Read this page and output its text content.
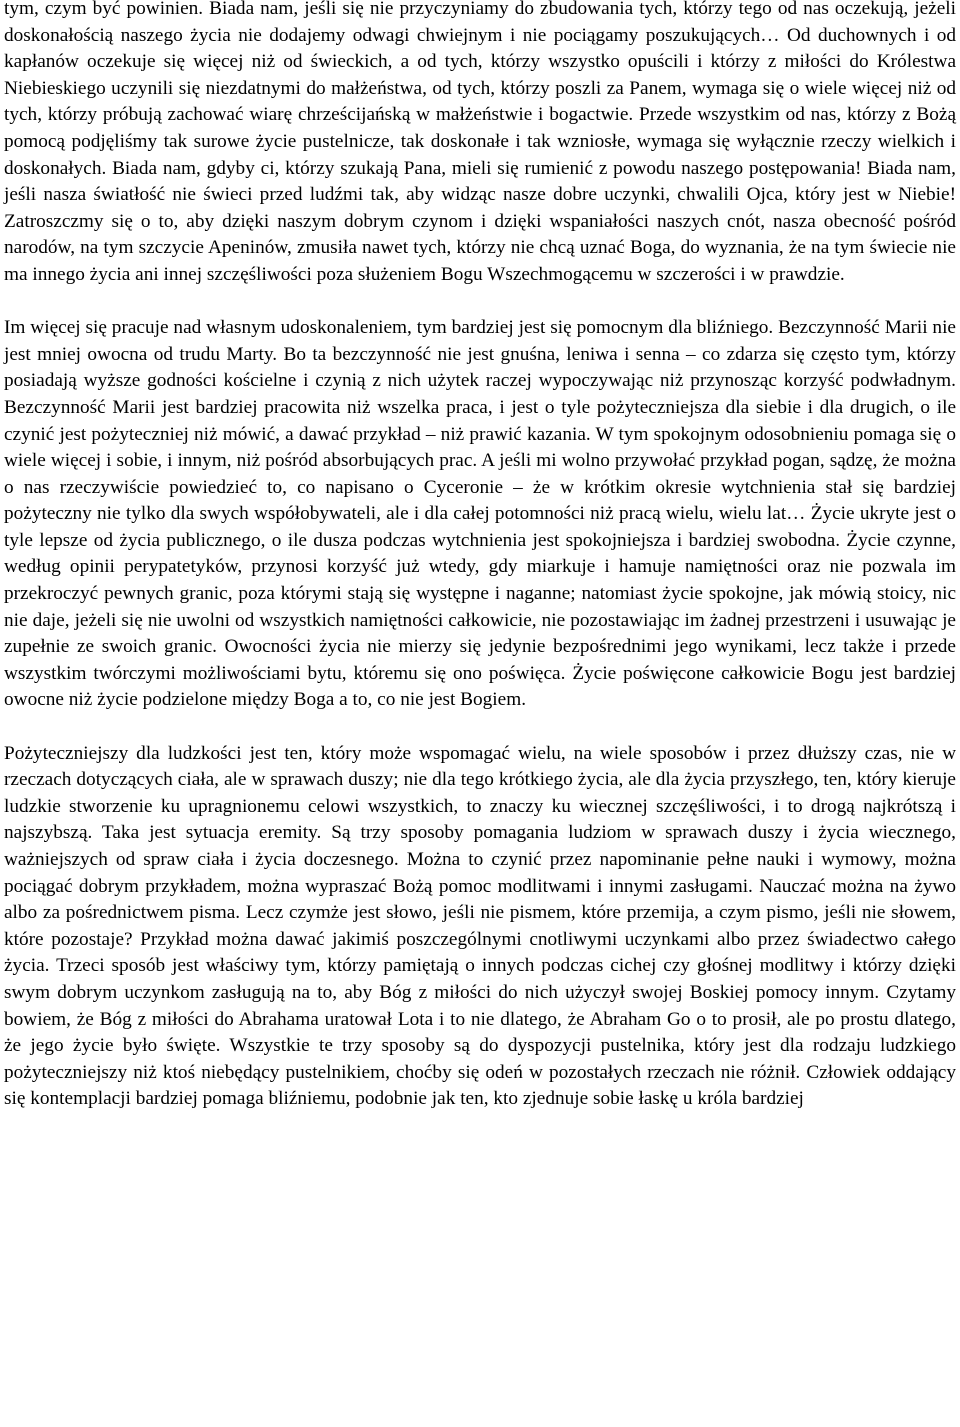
tym, czym być powinien. Biada nam, jeśli się nie przyczyniamy do zbudowania tych, którzy tego od nas oczekują, jeżeli doskonałością naszego życia nie dodajemy odwagi chwiejnym i nie pociągamy poszukujących… Od duchownych i od kapłanów oczekuje się więcej niż od świeckich, a od tych, którzy wszystko opuścili i którzy z miłości do Królestwa Niebieskiego uczynili się niezdatnymi do małżeństwa, od tych, którzy poszli za Panem, wymaga się o wiele więcej niż od tych, którzy próbują zachować wiarę chrześcijańską w małżeństwie i bogactwie. Przede wszystkim od nas, którzy z Bożą pomocą podjęliśmy tak surowe życie pustelnicze, tak doskonałe i tak wzniosłe, wymaga się wyłącznie rzeczy wielkich i doskonałych. Biada nam, gdyby ci, którzy szukają Pana, mieli się rumienić z powodu naszego postępowania! Biada nam, jeśli nasza światłość nie świeci przed ludźmi tak, aby widząc nasze dobre uczynki, chwalili Ojca, który jest w Niebie! Zatroszczmy się o to, aby dzięki naszym dobrym czynom i dzięki wspaniałości naszych cnót, nasza obecność pośród narodów, na tym szczycie Apeninów, zmusiła nawet tych, którzy nie chcą uznać Boga, do wyznania, że na tym świecie nie ma innego życia ani innej szczęśliwości poza służeniem Bogu Wszechmogącemu w szczerości i w prawdzie.

Im więcej się pracuje nad własnym udoskonaleniem, tym bardziej jest się pomocnym dla bliźniego. Bezczynność Marii nie jest mniej owocna od trudu Marty. Bo ta bezczynność nie jest gnuśna, leniwa i senna – co zdarza się często tym, którzy posiadają wyższe godności kościelne i czynią z nich użytek raczej wypoczywając niż przynosząc korzyść podwładnym. Bezczynność Marii jest bardziej pracowita niż wszelka praca, i jest o tyle pożyteczniejsza dla siebie i dla drugich, o ile czynić jest pożyteczniej niż mówić, a dawać przykład – niż prawić kazania. W tym spokojnym odosobnieniu pomaga się o wiele więcej i sobie, i innym, niż pośród absorbujących prac. A jeśli mi wolno przywołać przykład pogan, sądzę, że można o nas rzeczywiście powiedzieć to, co napisano o Cyceronie – że w krótkim okresie wytchnienia stał się bardziej pożyteczny nie tylko dla swych współobywateli, ale i dla całej potomności niż pracą wielu, wielu lat… Życie ukryte jest o tyle lepsze od życia publicznego, o ile dusza podczas wytchnienia jest spokojniejsza i bardziej swobodna. Życie czynne, według opinii perypatetyków, przynosi korzyść już wtedy, gdy miarkuje i hamuje namiętności oraz nie pozwala im przekroczyć pewnych granic, poza którymi stają się występne i naganne; natomiast życie spokojne, jak mówią stoicy, nic nie daje, jeżeli się nie uwolni od wszystkich namiętności całkowicie, nie pozostawiając im żadnej przestrzeni i usuwając je zupełnie ze swoich granic. Owocności życia nie mierzy się jedynie bezpośrednimi jego wynikami, lecz także i przede wszystkim twórczymi możliwościami bytu, któremu się ono poświęca. Życie poświęcone całkowicie Bogu jest bardziej owocne niż życie podzielone między Boga a to, co nie jest Bogiem.

Pożyteczniejszy dla ludzkości jest ten, który może wspomagać wielu, na wiele sposobów i przez dłuższy czas, nie w rzeczach dotyczących ciała, ale w sprawach duszy; nie dla tego krótkiego życia, ale dla życia przyszłego, ten, który kieruje ludzkie stworzenie ku upragnionemu celowi wszystkich, to znaczy ku wiecznej szczęśliwości, i to drogą najkrótszą i najszybszą. Taka jest sytuacja eremity. Są trzy sposoby pomagania ludziom w sprawach duszy i życia wiecznego, ważniejszych od spraw ciała i życia doczesnego. Można to czynić przez napominanie pełne nauki i wymowy, można pociągać dobrym przykładem, można wypraszać Bożą pomoc modlitwami i innymi zasługami. Nauczać można na żywo albo za pośrednictwem pisma. Lecz czymże jest słowo, jeśli nie pismem, które przemija, a czym pismo, jeśli nie słowem, które pozostaje? Przykład można dawać jakimiś poszczególnymi cnotliwymi uczynkami albo przez świadectwo całego życia. Trzeci sposób jest właściwy tym, którzy pamiętają o innych podczas cichej czy głośnej modlitwy i którzy dzięki swym dobrym uczynkom zasługują na to, aby Bóg z miłości do nich użyczył swojej Boskiej pomocy innym. Czytamy bowiem, że Bóg z miłości do Abrahama uratował Lota i to nie dlatego, że Abraham Go o to prosił, ale po prostu dlatego, że jego życie było święte. Wszystkie te trzy sposoby są do dyspozycji pustelnika, który jest dla rodzaju ludzkiego pożyteczniejszy niż ktoś niebędący pustelnikiem, choćby się odeń w pozostałych rzeczach nie różnił. Człowiek oddający się kontemplacji bardziej pomaga bliźniemu, podobnie jak ten, kto zjednuje sobie łaskę u króla bardziej
